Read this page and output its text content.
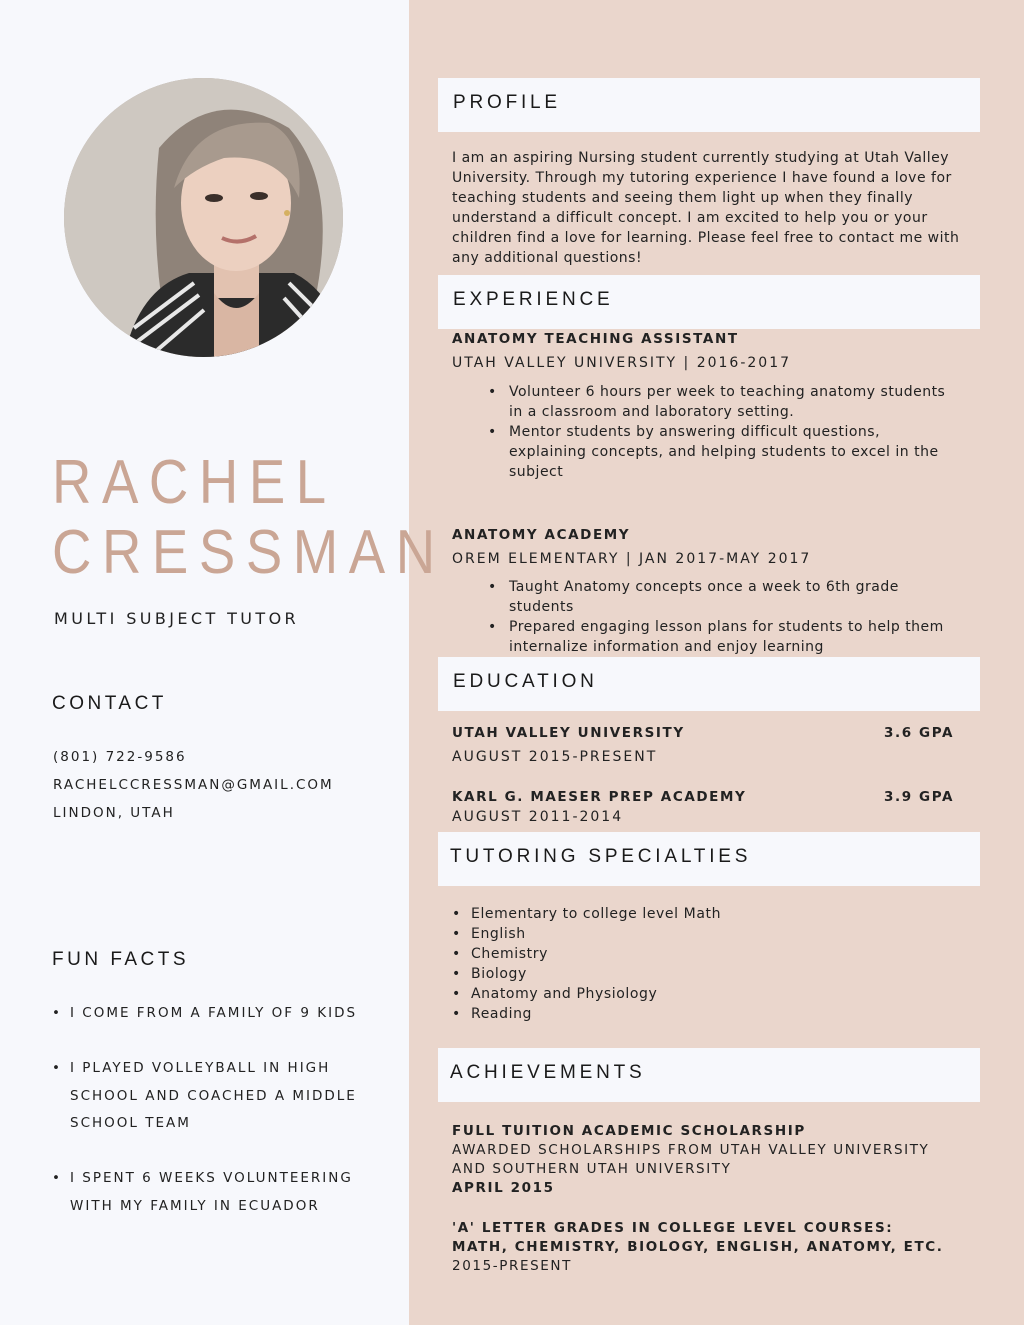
RACHEL
CRESSMAN
MULTI SUBJECT TUTOR
CONTACT
(801) 722-9586
RACHELCCRESSMAN@GMAIL.COM
LINDON, UTAH
FUN FACTS
• I COME FROM A FAMILY OF 9 KIDS
• I PLAYED VOLLEYBALL IN HIGH SCHOOL AND COACHED A MIDDLE SCHOOL TEAM
• I SPENT 6 WEEKS VOLUNTEERING WITH MY FAMILY IN ECUADOR
PROFILE
I am an aspiring Nursing student currently studying at Utah Valley University. Through my tutoring experience I have found a love for teaching students and seeing them light up when they finally understand a difficult concept. I am excited to help you or your children find a love for learning. Please feel free to contact me with any additional questions!
EXPERIENCE
ANATOMY TEACHING ASSISTANT
UTAH VALLEY UNIVERSITY | 2016-2017
• Volunteer 6 hours per week to teaching anatomy students in a classroom and laboratory setting.
• Mentor students by answering difficult questions, explaining concepts, and helping students to excel in the subject
ANATOMY ACADEMY
OREM ELEMENTARY | JAN 2017-MAY 2017
• Taught Anatomy concepts once a week to 6th grade students
• Prepared engaging lesson plans for students to help them internalize information and enjoy learning
EDUCATION
UTAH VALLEY UNIVERSITY	3.6 GPA
AUGUST 2015-PRESENT
KARL G. MAESER PREP ACADEMY	3.9 GPA
AUGUST 2011-2014
TUTORING SPECIALTIES
• Elementary to college level Math
• English
• Chemistry
• Biology
• Anatomy and Physiology
• Reading
ACHIEVEMENTS
FULL TUITION ACADEMIC SCHOLARSHIP
AWARDED SCHOLARSHIPS FROM UTAH VALLEY UNIVERSITY
AND SOUTHERN UTAH UNIVERSITY
APRIL 2015
'A' LETTER GRADES IN COLLEGE LEVEL COURSES:
MATH, CHEMISTRY, BIOLOGY, ENGLISH, ANATOMY, ETC.
2015-PRESENT
